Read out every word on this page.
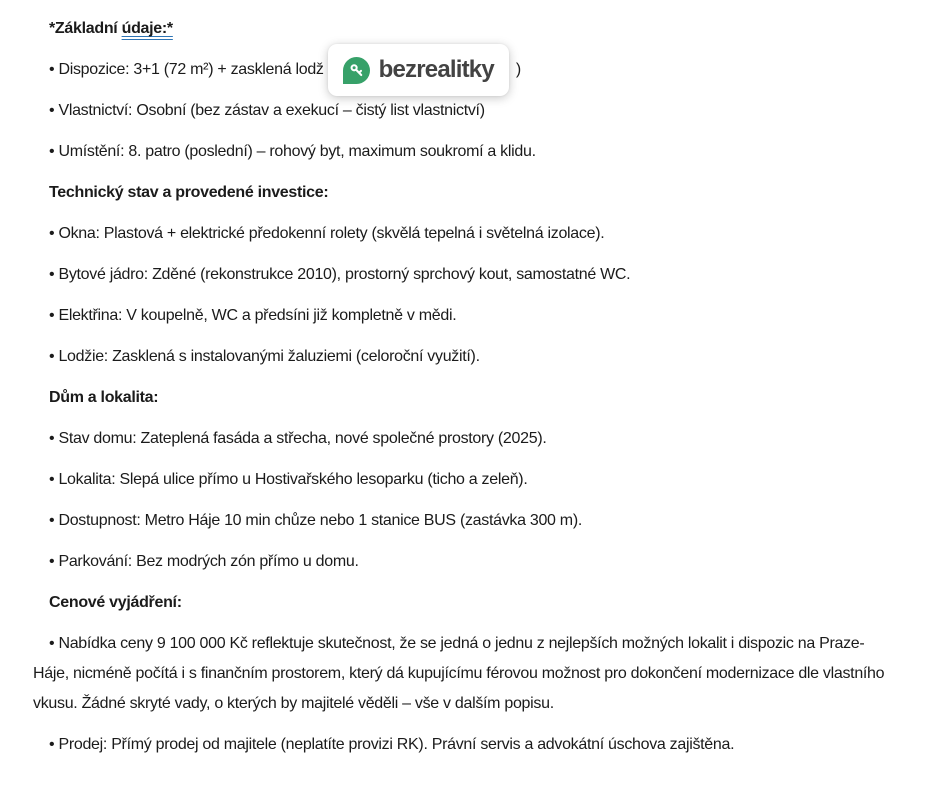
*Základní údaje:*
• Dispozice: 3+1 (72 m²) + zasklená lodž bezrealitky )
• Vlastnictví: Osobní (bez zástav a exekucí – čistý list vlastnictví)
• Umístění: 8. patro (poslední) – rohový byt, maximum soukromí a klidu.
Technický stav a provedené investice:
• Okna: Plastová + elektrické předokenní rolety (skvělá tepelná i světelná izolace).
• Bytové jádro: Zděné (rekonstrukce 2010), prostorný sprchový kout, samostatné WC.
• Elektřina: V koupelně, WC a předsíni již kompletně v mědi.
• Lodžie: Zasklená s instalovanými žaluziemi (celoroční využití).
Dům a lokalita:
• Stav domu: Zateplená fasáda a střecha, nové společné prostory (2025).
• Lokalita: Slepá ulice přímo u Hostivařského lesoparku (ticho a zeleň).
• Dostupnost: Metro Háje 10 min chůze nebo 1 stanice BUS (zastávka 300 m).
• Parkování: Bez modrých zón přímo u domu.
Cenové vyjádření:
• Nabídka ceny 9 100 000 Kč reflektuje skutečnost, že se jedná o jednu z nejlepších možných lokalit i dispozic na Praze-Háje, nicméně počítá i s finančním prostorem, který dá kupujícímu férovou možnost pro dokončení modernizace dle vlastního vkusu. Žádné skryté vady, o kterých by majitelé věděli – vše v dalším popisu.
• Prodej: Přímý prodej od majitele (neplatíte provizi RK). Právní servis a advokátní úschova zajištěna.
